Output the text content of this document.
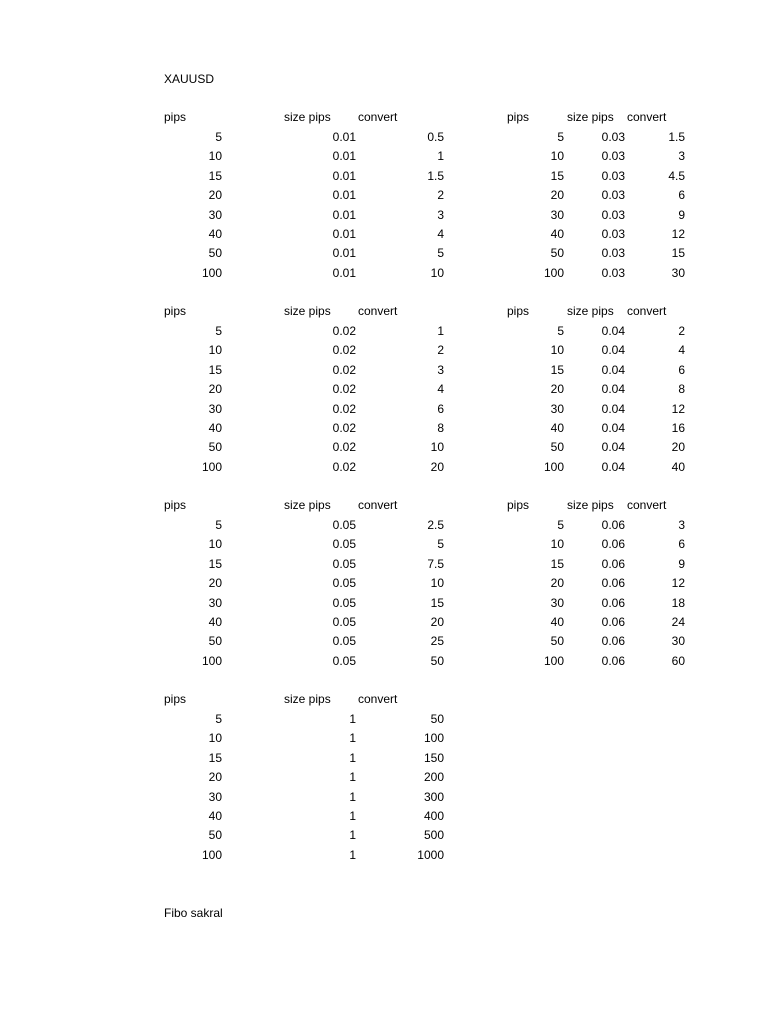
XAUUSD
pips	size pips convert
5	0.01	0.5
10	0.01	1
15	0.01	1.5
20	0.01	2
30	0.01	3
40	0.01	4
50	0.01	5
100	0.01	10
pips	size pips convert
5	0.03	1.5
10	0.03	3
15	0.03	4.5
20	0.03	6
30	0.03	9
40	0.03	12
50	0.03	15
100	0.03	30
pips	size pips convert
5	0.02	1
10	0.02	2
15	0.02	3
20	0.02	4
30	0.02	6
40	0.02	8
50	0.02	10
100	0.02	20
pips	size pips convert
5	0.04	2
10	0.04	4
15	0.04	6
20	0.04	8
30	0.04	12
40	0.04	16
50	0.04	20
100	0.04	40
pips	size pips convert
5	0.05	2.5
10	0.05	5
15	0.05	7.5
20	0.05	10
30	0.05	15
40	0.05	20
50	0.05	25
100	0.05	50
pips	size pips convert
5	0.06	3
10	0.06	6
15	0.06	9
20	0.06	12
30	0.06	18
40	0.06	24
50	0.06	30
100	0.06	60
pips	size pips convert
5	1	50
10	1	100
15	1	150
20	1	200
30	1	300
40	1	400
50	1	500
100	1	1000
Fibo sakral
